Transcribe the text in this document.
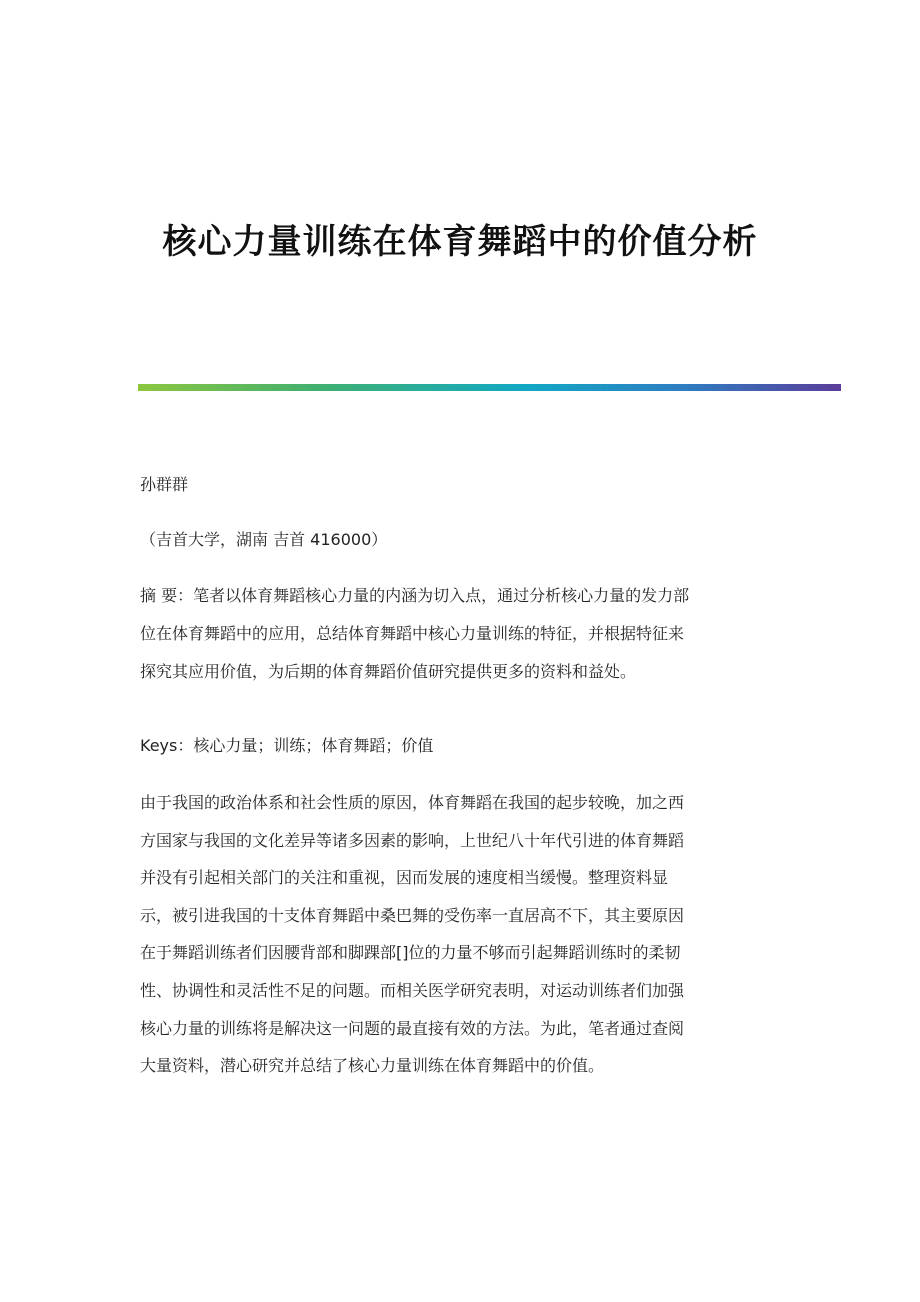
核心力量训练在体育舞蹈中的价值分析

孙群群

（吉首大学，湖南 吉首 416000）

摘 要：笔者以体育舞蹈核心力量的内涵为切入点，通过分析核心力量的发力部
位在体育舞蹈中的应用，总结体育舞蹈中核心力量训练的特征，并根据特征来
探究其应用价值，为后期的体育舞蹈价值研究提供更多的资料和益处。

Keys：核心力量；训练；体育舞蹈；价值

由于我国的政治体系和社会性质的原因，体育舞蹈在我国的起步较晚，加之西
方国家与我国的文化差异等诸多因素的影响，上世纪八十年代引进的体育舞蹈
并没有引起相关部门的关注和重视，因而发展的速度相当缓慢。整理资料显
示，被引进我国的十支体育舞蹈中桑巴舞的受伤率一直居高不下，其主要原因
在于舞蹈训练者们因腰背部和脚踝部[]位的力量不够而引起舞蹈训练时的柔韧
性、协调性和灵活性不足的问题。而相关医学研究表明，对运动训练者们加强
核心力量的训练将是解决这一问题的最直接有效的方法。为此，笔者通过查阅
大量资料，潜心研究并总结了核心力量训练在体育舞蹈中的价值。
